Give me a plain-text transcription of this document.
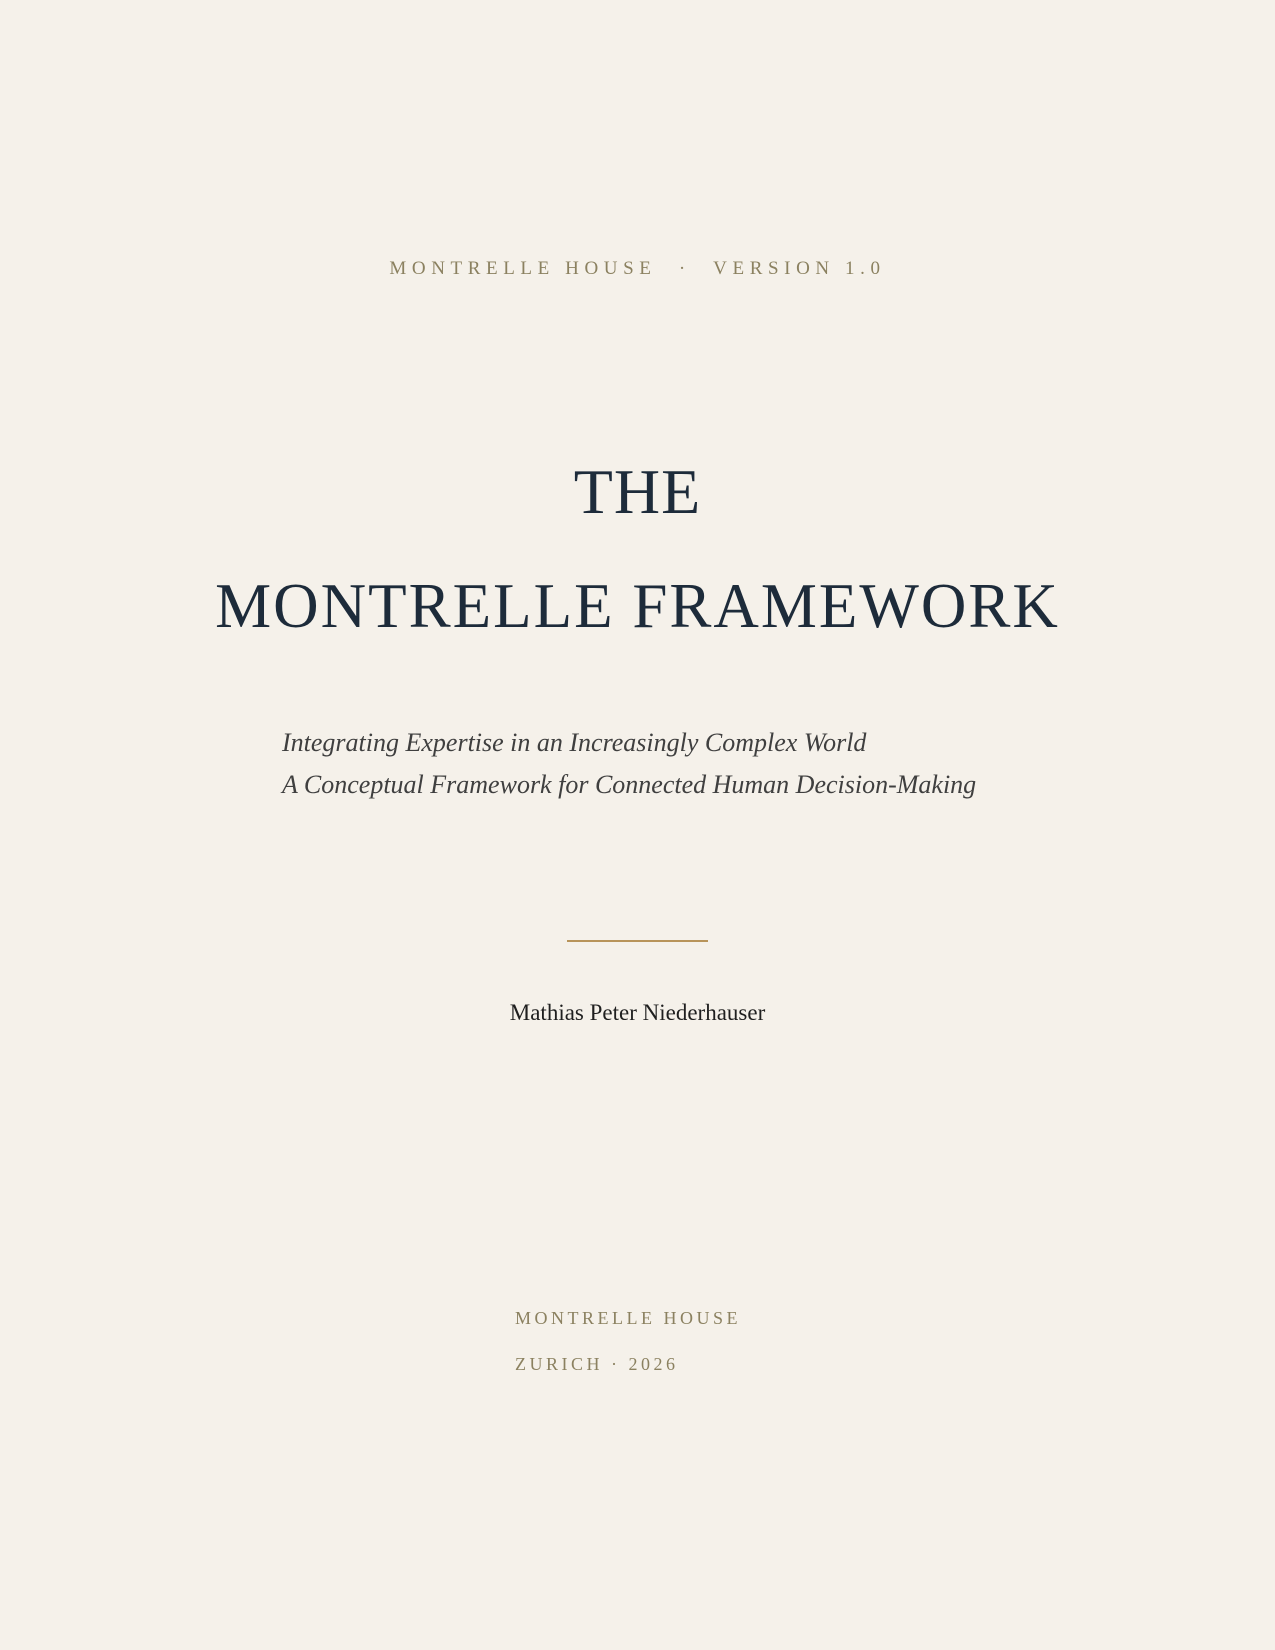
MONTRELLE HOUSE · VERSION 1.0
THE
MONTRELLE FRAMEWORK
Integrating Expertise in an Increasingly Complex World
A Conceptual Framework for Connected Human Decision-Making
Mathias Peter Niederhauser
MONTRELLE HOUSE
ZURICH · 2026
